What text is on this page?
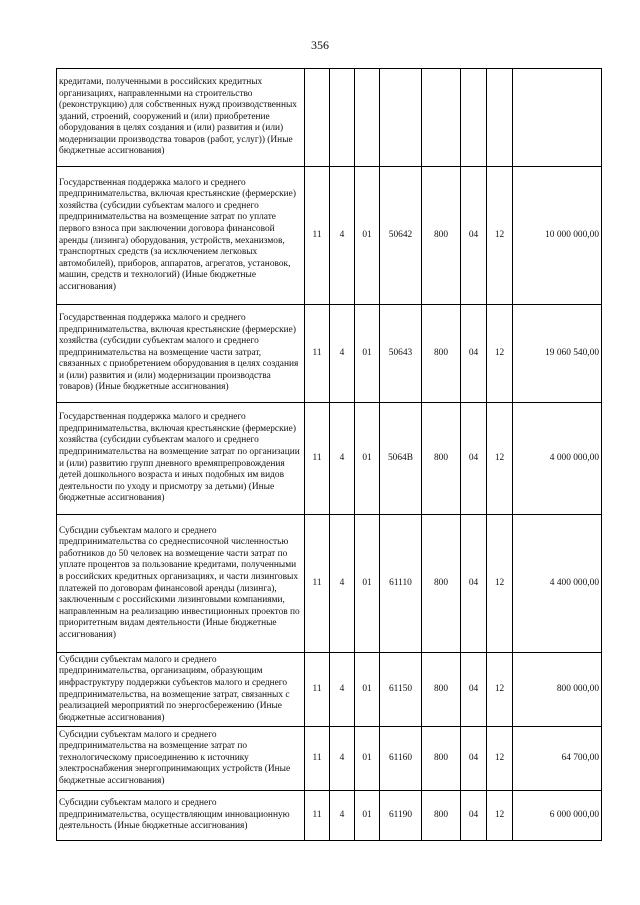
356
кредитами, полученными в российских кредитных организациях, направленными на строительство (реконструкцию) для собственных нужд производственных зданий, строений, сооружений и (или) приобретение оборудования в целях создания и (или) развития и (или) модернизации производства товаров (работ, услуг)) (Иные бюджетные ассигнования)								
Государственная поддержка малого и среднего предпринимательства, включая крестьянские (фермерские) хозяйства (субсидии субъектам малого и среднего предпринимательства на возмещение затрат по уплате первого взноса при заключении договора финансовой аренды (лизинга) оборудования, устройств, механизмов, транспортных средств (за исключением легковых автомобилей), приборов, аппаратов, агрегатов, установок, машин, средств и технологий) (Иные бюджетные ассигнования)	11	4	01	50642	800	04	12	10 000 000,00
Государственная поддержка малого и среднего предпринимательства, включая крестьянские (фермерские) хозяйства (субсидии субъектам малого и среднего предпринимательства на возмещение части затрат, связанных с приобретением оборудования в целях создания и (или) развития и (или) модернизации производства товаров) (Иные бюджетные ассигнования)	11	4	01	50643	800	04	12	19 060 540,00
Государственная поддержка малого и среднего предпринимательства, включая крестьянские (фермерские) хозяйства (субсидии субъектам малого и среднего предпринимательства на возмещение затрат по организации и (или) развитию групп дневного времяпрепровождения детей дошкольного возраста и иных подобных им видов деятельности по уходу и присмотру за детьми) (Иные бюджетные ассигнования)	11	4	01	5064В	800	04	12	4 000 000,00
Субсидии субъектам малого и среднего предпринимательства со среднесписочной численностью работников до 50 человек на возмещение части затрат по уплате процентов за пользование кредитами, полученными в российских кредитных организациях, и части лизинговых платежей по договорам финансовой аренды (лизинга), заключенным с российскими лизинговыми компаниями, направленным на реализацию инвестиционных проектов по приоритетным видам деятельности (Иные бюджетные ассигнования)	11	4	01	61110	800	04	12	4 400 000,00
Субсидии субъектам малого и среднего предпринимательства, организациям, образующим инфраструктуру поддержки субъектов малого и среднего предпринимательства, на возмещение затрат, связанных с реализацией мероприятий по энергосбережению (Иные бюджетные ассигнования)	11	4	01	61150	800	04	12	800 000,00
Субсидии субъектам малого и среднего предпринимательства на возмещение затрат по технологическому присоединению к источнику электроснабжения энергопринимающих устройств (Иные бюджетные ассигнования)	11	4	01	61160	800	04	12	64 700,00
Субсидии субъектам малого и среднего предпринимательства, осуществляющим инновационную деятельность (Иные бюджетные ассигнования)	11	4	01	61190	800	04	12	6 000 000,00
